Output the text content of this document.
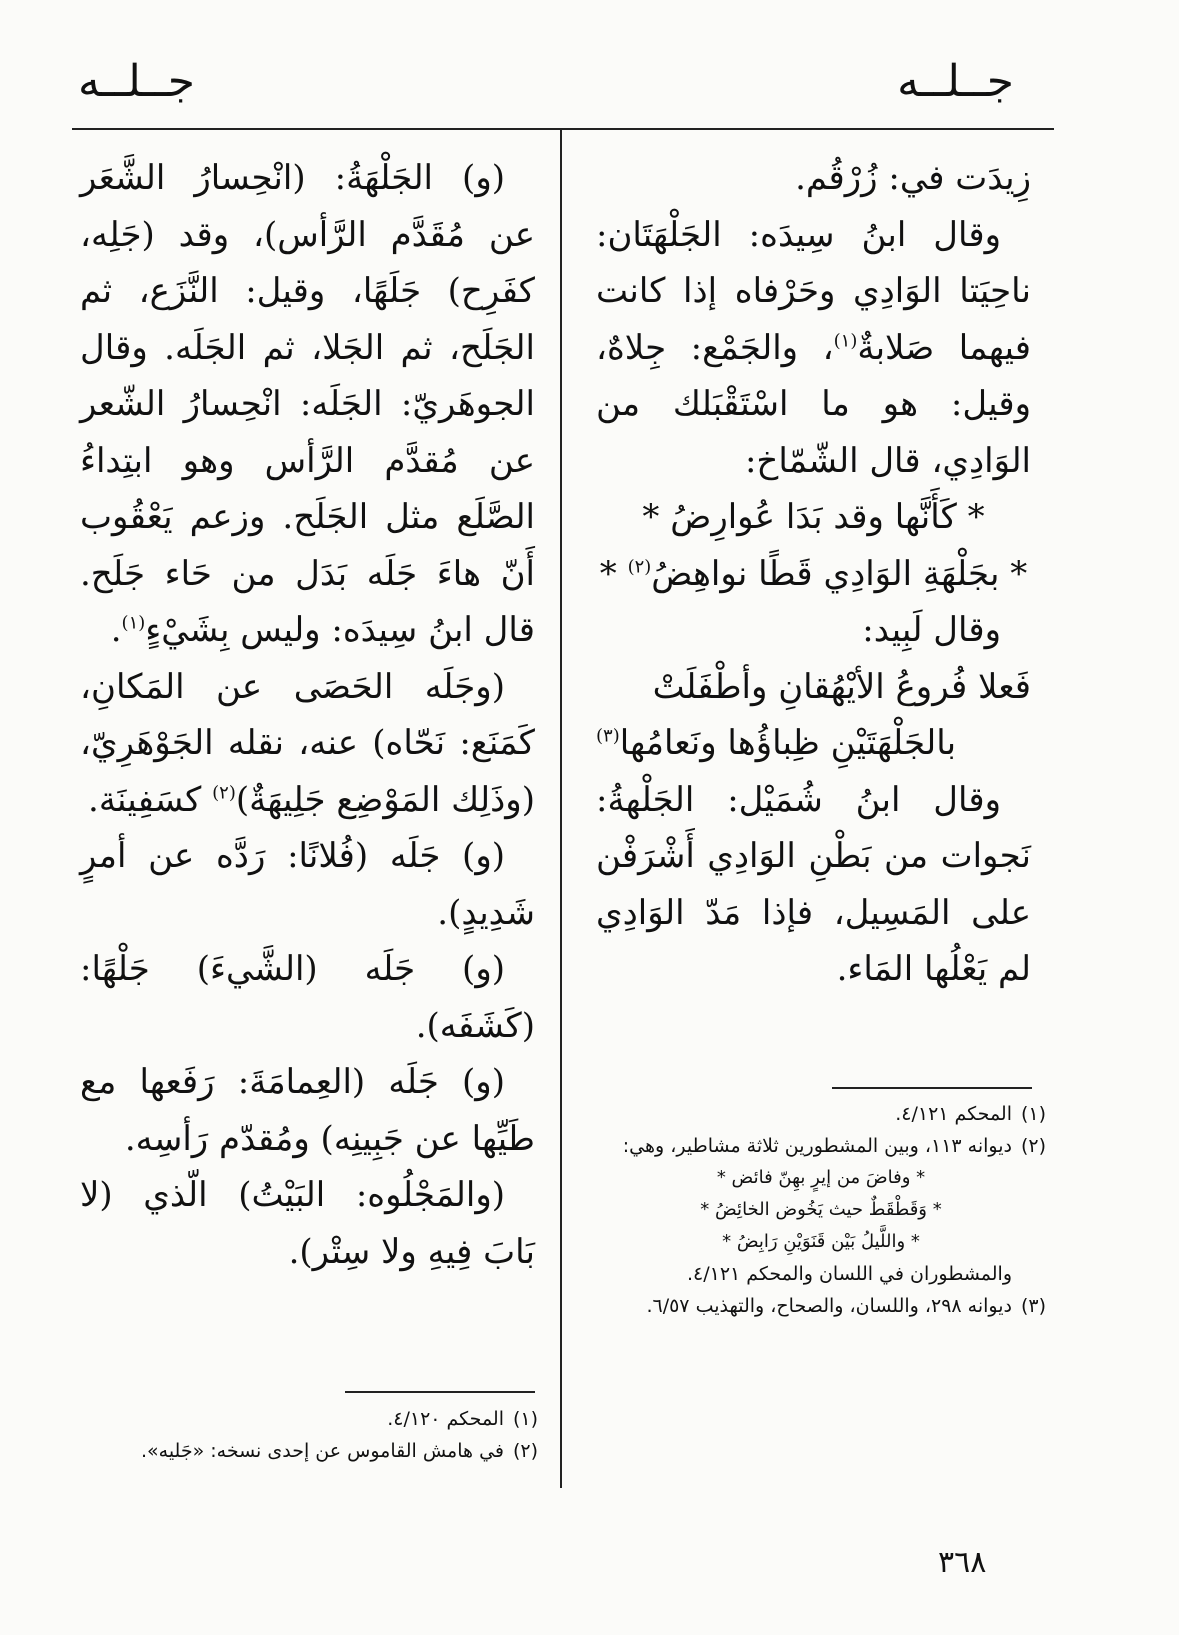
جــلــه
جــلــه

زِيدَت في: زُرْقُم.

وقال ابنُ سِيدَه: الجَلْهَتَان: ناحِيَتا الوَادِي وحَرْفاه إذا كانت فيهما صَلابةٌ$^{(١)}$، والجَمْع: جِلاهٌ، وقيل: هو ما اسْتَقْبَلك من الوَادِي، قال الشّمّاخ:

* كَأَنَّها وقد بَدَا عُوارِضُ *

* بجَلْهَةِ الوَادِي قَطًا نواهِضُ$^{(٢)}$ *

وقال لَبِيد:

فَعلا فُروعُ الأيْهُقانِ وأطْفَلَتْ

بالجَلْهَتَيْنِ ظِباؤُها ونَعامُها$^{(٣)}$

وقال ابنُ شُمَيْل: الجَلْهةُ: نَجوات من بَطْنِ الوَادِي أَشْرَفْن على المَسِيل، فإذا مَدّ الوَادِي لم يَعْلُها المَاء.

(١)المحكم ٤/١٢١.

(٢)ديوانه ١١٣، وبين المشطورين ثلاثة مشاطير، وهي:

* وفاضَ من إيرٍ بهِنّ فائض *

* وَقَطْقَطٌ حيث يَخُوض الخائِضُ *

* واللَّيلُ بَيْن قَنَوَيْنِ رَابِضُ *

والمشطوران في اللسان والمحكم ٤/١٢١.

(٣)ديوانه ٢٩٨، واللسان، والصحاح، والتهذيب ٦/٥٧.

(و) الجَلْهَةُ: (انْحِسارُ الشَّعَر عن مُقَدَّم الرَّأس)، وقد (جَلِه، كفَرِح) جَلَهًا، وقيل: النَّزَع، ثم الجَلَح، ثم الجَلا، ثم الجَلَه. وقال الجوهَريّ: الجَلَه: انْحِسارُ الشّعر عن مُقدَّم الرَّأس وهو ابتِداءُ الصَّلَع مثل الجَلَح. وزعم يَعْقُوب أَنّ هاءَ جَلَه بَدَل من حَاء جَلَح. قال ابنُ سِيدَه: وليس بِشَيْءٍ$^{(١)}$.

(وجَلَه الحَصَى عن المَكانِ، كَمَنَع: نَحّاه) عنه، نقله الجَوْهَرِيّ، (وذَلِك المَوْضِع جَلِيهَةٌ)$^{(٢)}$ كسَفِينَة.

(و) جَلَه (فُلانًا: رَدَّه عن أمرٍ شَدِيدٍ).

(و) جَلَه (الشَّيءَ) جَلْهًا: (كَشَفَه).

(و) جَلَه (العِمامَةَ: رَفَعها مع طَيِّها عن جَبِينِه) ومُقدّم رَأسِه.

(والمَجْلُوه: البَيْتُ) الّذي (لا بَابَ فِيهِ ولا سِتْر).

(١)المحكم ٤/١٢٠.

(٢)في هامش القاموس عن إحدى نسخه: «جَليه».

٣٦٨
